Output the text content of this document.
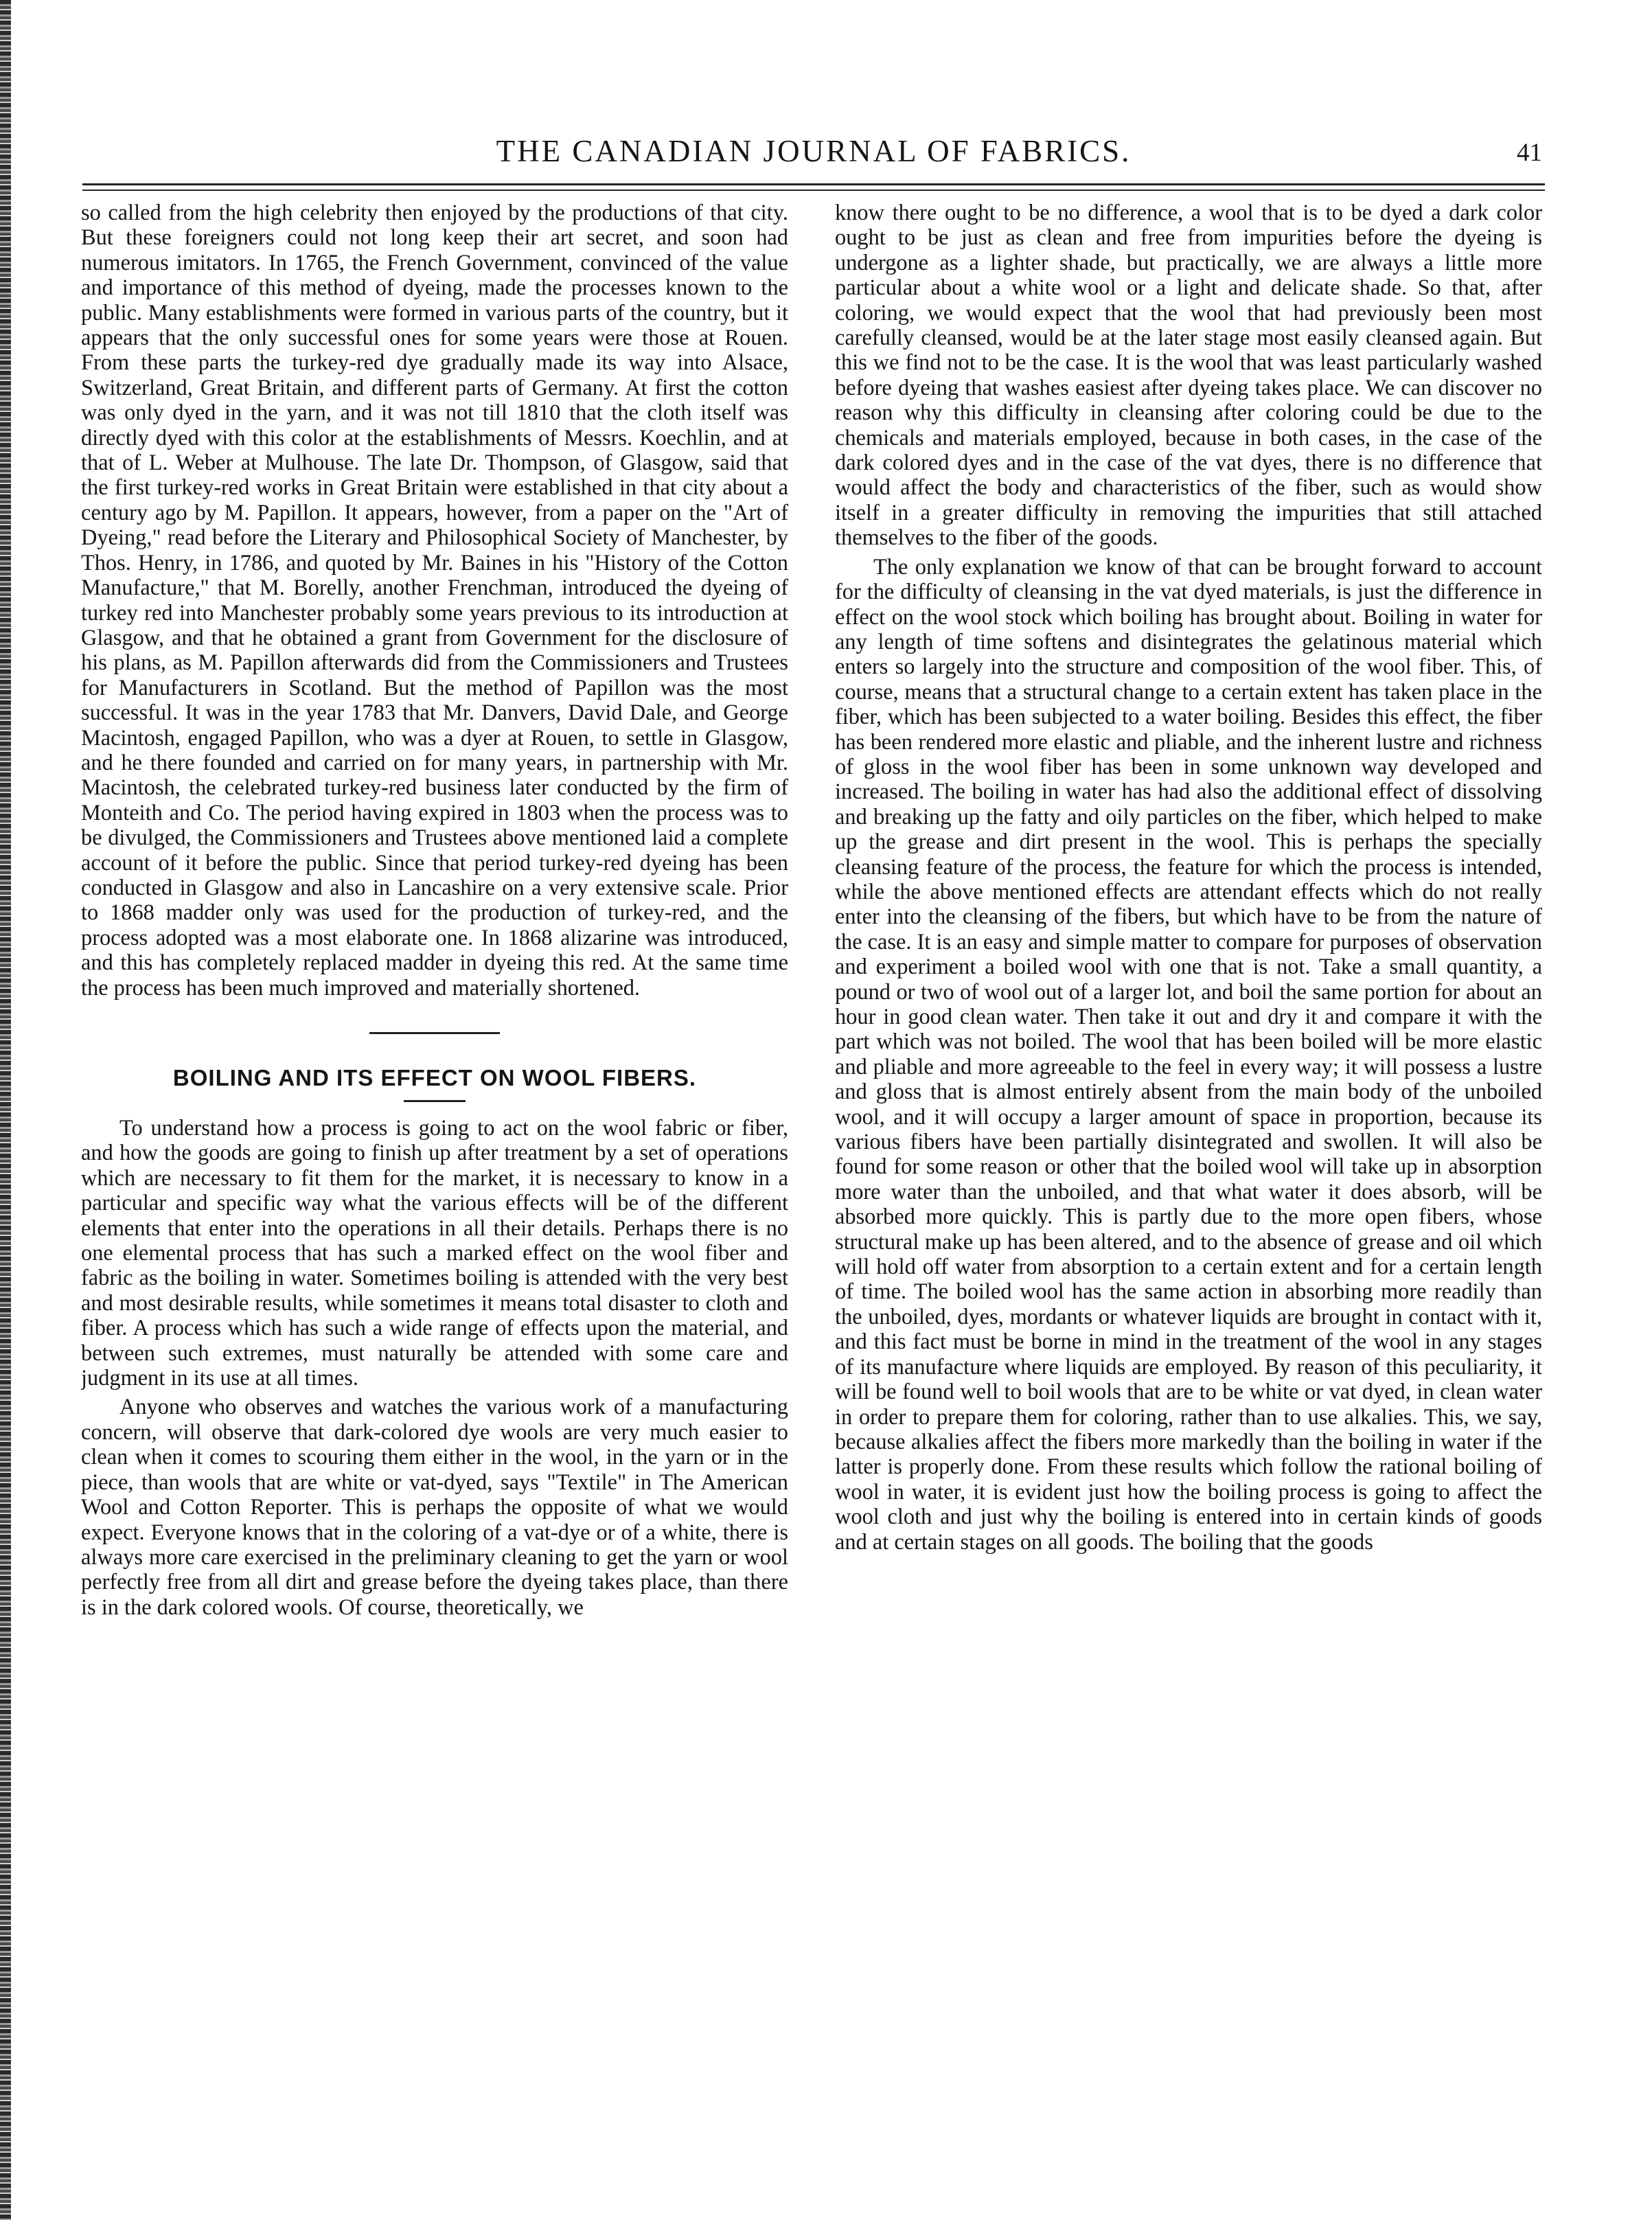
THE CANADIAN JOURNAL OF FABRICS.	41

so called from the high celebrity then enjoyed by the productions of that city. But these foreigners could not long keep their art secret, and soon had numerous imitators. In 1765, the French Government, convinced of the value and importance of this method of dyeing, made the processes known to the public. Many establishments were formed in various parts of the country, but it appears that the only successful ones for some years were those at Rouen. From these parts the turkey-red dye gradually made its way into Alsace, Switzerland, Great Britain, and different parts of Germany. At first the cotton was only dyed in the yarn, and it was not till 1810 that the cloth itself was directly dyed with this color at the establishments of Messrs. Koechlin, and at that of L. Weber at Mulhouse. The late Dr. Thompson, of Glasgow, said that the first turkey-red works in Great Britain were established in that city about a century ago by M. Papillon. It appears, however, from a paper on the "Art of Dyeing," read before the Literary and Philosophical Society of Manchester, by Thos. Henry, in 1786, and quoted by Mr. Baines in his "History of the Cotton Manufacture," that M. Borelly, another Frenchman, introduced the dyeing of turkey red into Manchester probably some years previous to its introduction at Glasgow, and that he obtained a grant from Government for the disclosure of his plans, as M. Papillon afterwards did from the Commissioners and Trustees for Manufacturers in Scotland. But the method of Papillon was the most successful. It was in the year 1783 that Mr. Danvers, David Dale, and George Macintosh, engaged Papillon, who was a dyer at Rouen, to settle in Glasgow, and he there founded and carried on for many years, in partnership with Mr. Macintosh, the celebrated turkey-red business later conducted by the firm of Monteith and Co. The period having expired in 1803 when the process was to be divulged, the Commissioners and Trustees above mentioned laid a complete account of it before the public. Since that period turkey-red dyeing has been conducted in Glasgow and also in Lancashire on a very extensive scale. Prior to 1868 madder only was used for the production of turkey-red, and the process adopted was a most elaborate one. In 1868 alizarine was introduced, and this has completely replaced madder in dyeing this red. At the same time the process has been much improved and materially shortened.

BOILING AND ITS EFFECT ON WOOL FIBERS.

To understand how a process is going to act on the wool fabric or fiber, and how the goods are going to finish up after treatment by a set of operations which are necessary to fit them for the market, it is necessary to know in a particular and specific way what the various effects will be of the different elements that enter into the operations in all their details. Perhaps there is no one elemental process that has such a marked effect on the wool fiber and fabric as the boiling in water. Sometimes boiling is attended with the very best and most desirable results, while sometimes it means total disaster to cloth and fiber. A process which has such a wide range of effects upon the material, and between such extremes, must naturally be attended with some care and judgment in its use at all times.

Anyone who observes and watches the various work of a manufacturing concern, will observe that dark-colored dye wools are very much easier to clean when it comes to scouring them either in the wool, in the yarn or in the piece, than wools that are white or vat-dyed, says "Textile" in The American Wool and Cotton Reporter. This is perhaps the opposite of what we would expect. Everyone knows that in the coloring of a vat-dye or of a white, there is always more care exercised in the preliminary cleaning to get the yarn or wool perfectly free from all dirt and grease before the dyeing takes place, than there is in the dark colored wools. Of course, theoretically, we

know there ought to be no difference, a wool that is to be dyed a dark color ought to be just as clean and free from impurities before the dyeing is undergone as a lighter shade, but practically, we are always a little more particular about a white wool or a light and delicate shade. So that, after coloring, we would expect that the wool that had previously been most carefully cleansed, would be at the later stage most easily cleansed again. But this we find not to be the case. It is the wool that was least particularly washed before dyeing that washes easiest after dyeing takes place. We can discover no reason why this difficulty in cleansing after coloring could be due to the chemicals and materials employed, because in both cases, in the case of the dark colored dyes and in the case of the vat dyes, there is no difference that would affect the body and characteristics of the fiber, such as would show itself in a greater difficulty in removing the impurities that still attached themselves to the fiber of the goods.

The only explanation we know of that can be brought forward to account for the difficulty of cleansing in the vat dyed materials, is just the difference in effect on the wool stock which boiling has brought about. Boiling in water for any length of time softens and disintegrates the gelatinous material which enters so largely into the structure and composition of the wool fiber. This, of course, means that a structural change to a certain extent has taken place in the fiber, which has been subjected to a water boiling. Besides this effect, the fiber has been rendered more elastic and pliable, and the inherent lustre and richness of gloss in the wool fiber has been in some unknown way developed and increased. The boiling in water has had also the additional effect of dissolving and breaking up the fatty and oily particles on the fiber, which helped to make up the grease and dirt present in the wool. This is perhaps the specially cleansing feature of the process, the feature for which the process is intended, while the above mentioned effects are attendant effects which do not really enter into the cleansing of the fibers, but which have to be from the nature of the case. It is an easy and simple matter to compare for purposes of observation and experiment a boiled wool with one that is not. Take a small quantity, a pound or two of wool out of a larger lot, and boil the same portion for about an hour in good clean water. Then take it out and dry it and compare it with the part which was not boiled. The wool that has been boiled will be more elastic and pliable and more agreeable to the feel in every way; it will possess a lustre and gloss that is almost entirely absent from the main body of the unboiled wool, and it will occupy a larger amount of space in proportion, because its various fibers have been partially disintegrated and swollen. It will also be found for some reason or other that the boiled wool will take up in absorption more water than the unboiled, and that what water it does absorb, will be absorbed more quickly. This is partly due to the more open fibers, whose structural make up has been altered, and to the absence of grease and oil which will hold off water from absorption to a certain extent and for a certain length of time. The boiled wool has the same action in absorbing more readily than the unboiled, dyes, mordants or whatever liquids are brought in contact with it, and this fact must be borne in mind in the treatment of the wool in any stages of its manufacture where liquids are employed. By reason of this peculiarity, it will be found well to boil wools that are to be white or vat dyed, in clean water in order to prepare them for coloring, rather than to use alkalies. This, we say, because alkalies affect the fibers more markedly than the boiling in water if the latter is properly done. From these results which follow the rational boiling of wool in water, it is evident just how the boiling process is going to affect the wool cloth and just why the boiling is entered into in certain kinds of goods and at certain stages on all goods. The boiling that the goods
